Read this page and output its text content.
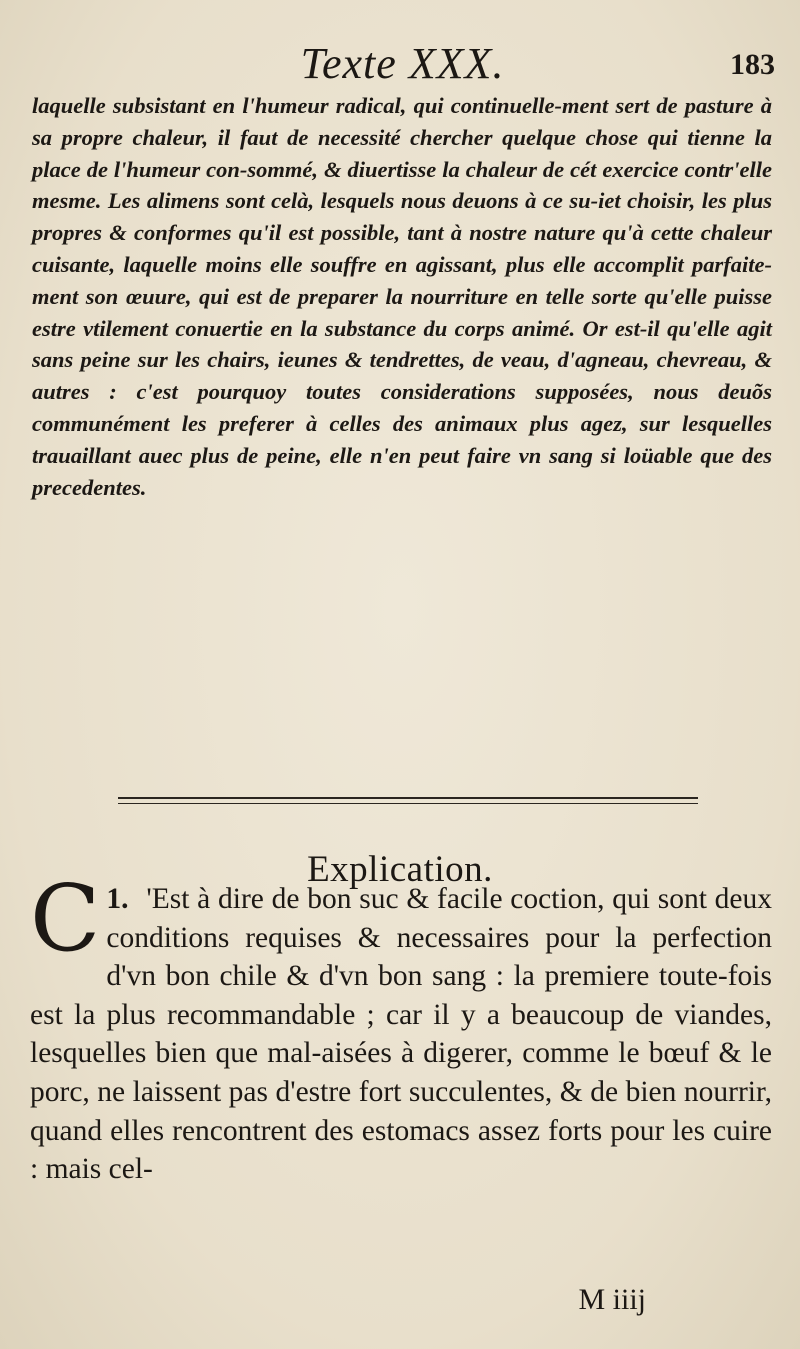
Texte XXX.	183

laquelle subsistant en l'humeur radical, qui continuelle-ment sert de pasture à sa propre chaleur, il faut de necessité chercher quelque chose qui tienne la place de l'humeur con-sommé, & diuertisse la chaleur de cét exercice contr'elle mesme. Les alimens sont celà, lesquels nous deuons à ce su-iet choisir, les plus propres & conformes qu'il est possible, tant à nostre nature qu'à cette chaleur cuisante, laquelle moins elle souffre en agissant, plus elle accomplit parfaite-ment son œuure, qui est de preparer la nourriture en telle sorte qu'elle puisse estre vtilement conuertie en la substance du corps animé. Or est-il qu'elle agit sans peine sur les chairs, ieunes & tendrettes, de veau, d'agneau, chevreau, & autres : c'est pourquoy toutes considerations supposées, nous deuõs communément les preferer à celles des animaux plus agez, sur lesquelles trauaillant auec plus de peine, elle n'en peut faire vn sang si loüable que des precedentes.

Explication.

1.
C 'Est à dire de bon suc & facile coction, qui sont deux conditions requises & necessaires pour la perfection d'vn bon chile & d'vn bon sang : la premiere toute-fois est la plus recommandable ; car il y a beaucoup de viandes, lesquelles bien que mal-aisées à digerer, comme le bœuf & le porc, ne laissent pas d'estre fort succulentes, & de bien nourrir, quand elles rencontrent des estomacs assez forts pour les cuire : mais cel-

M iiij
